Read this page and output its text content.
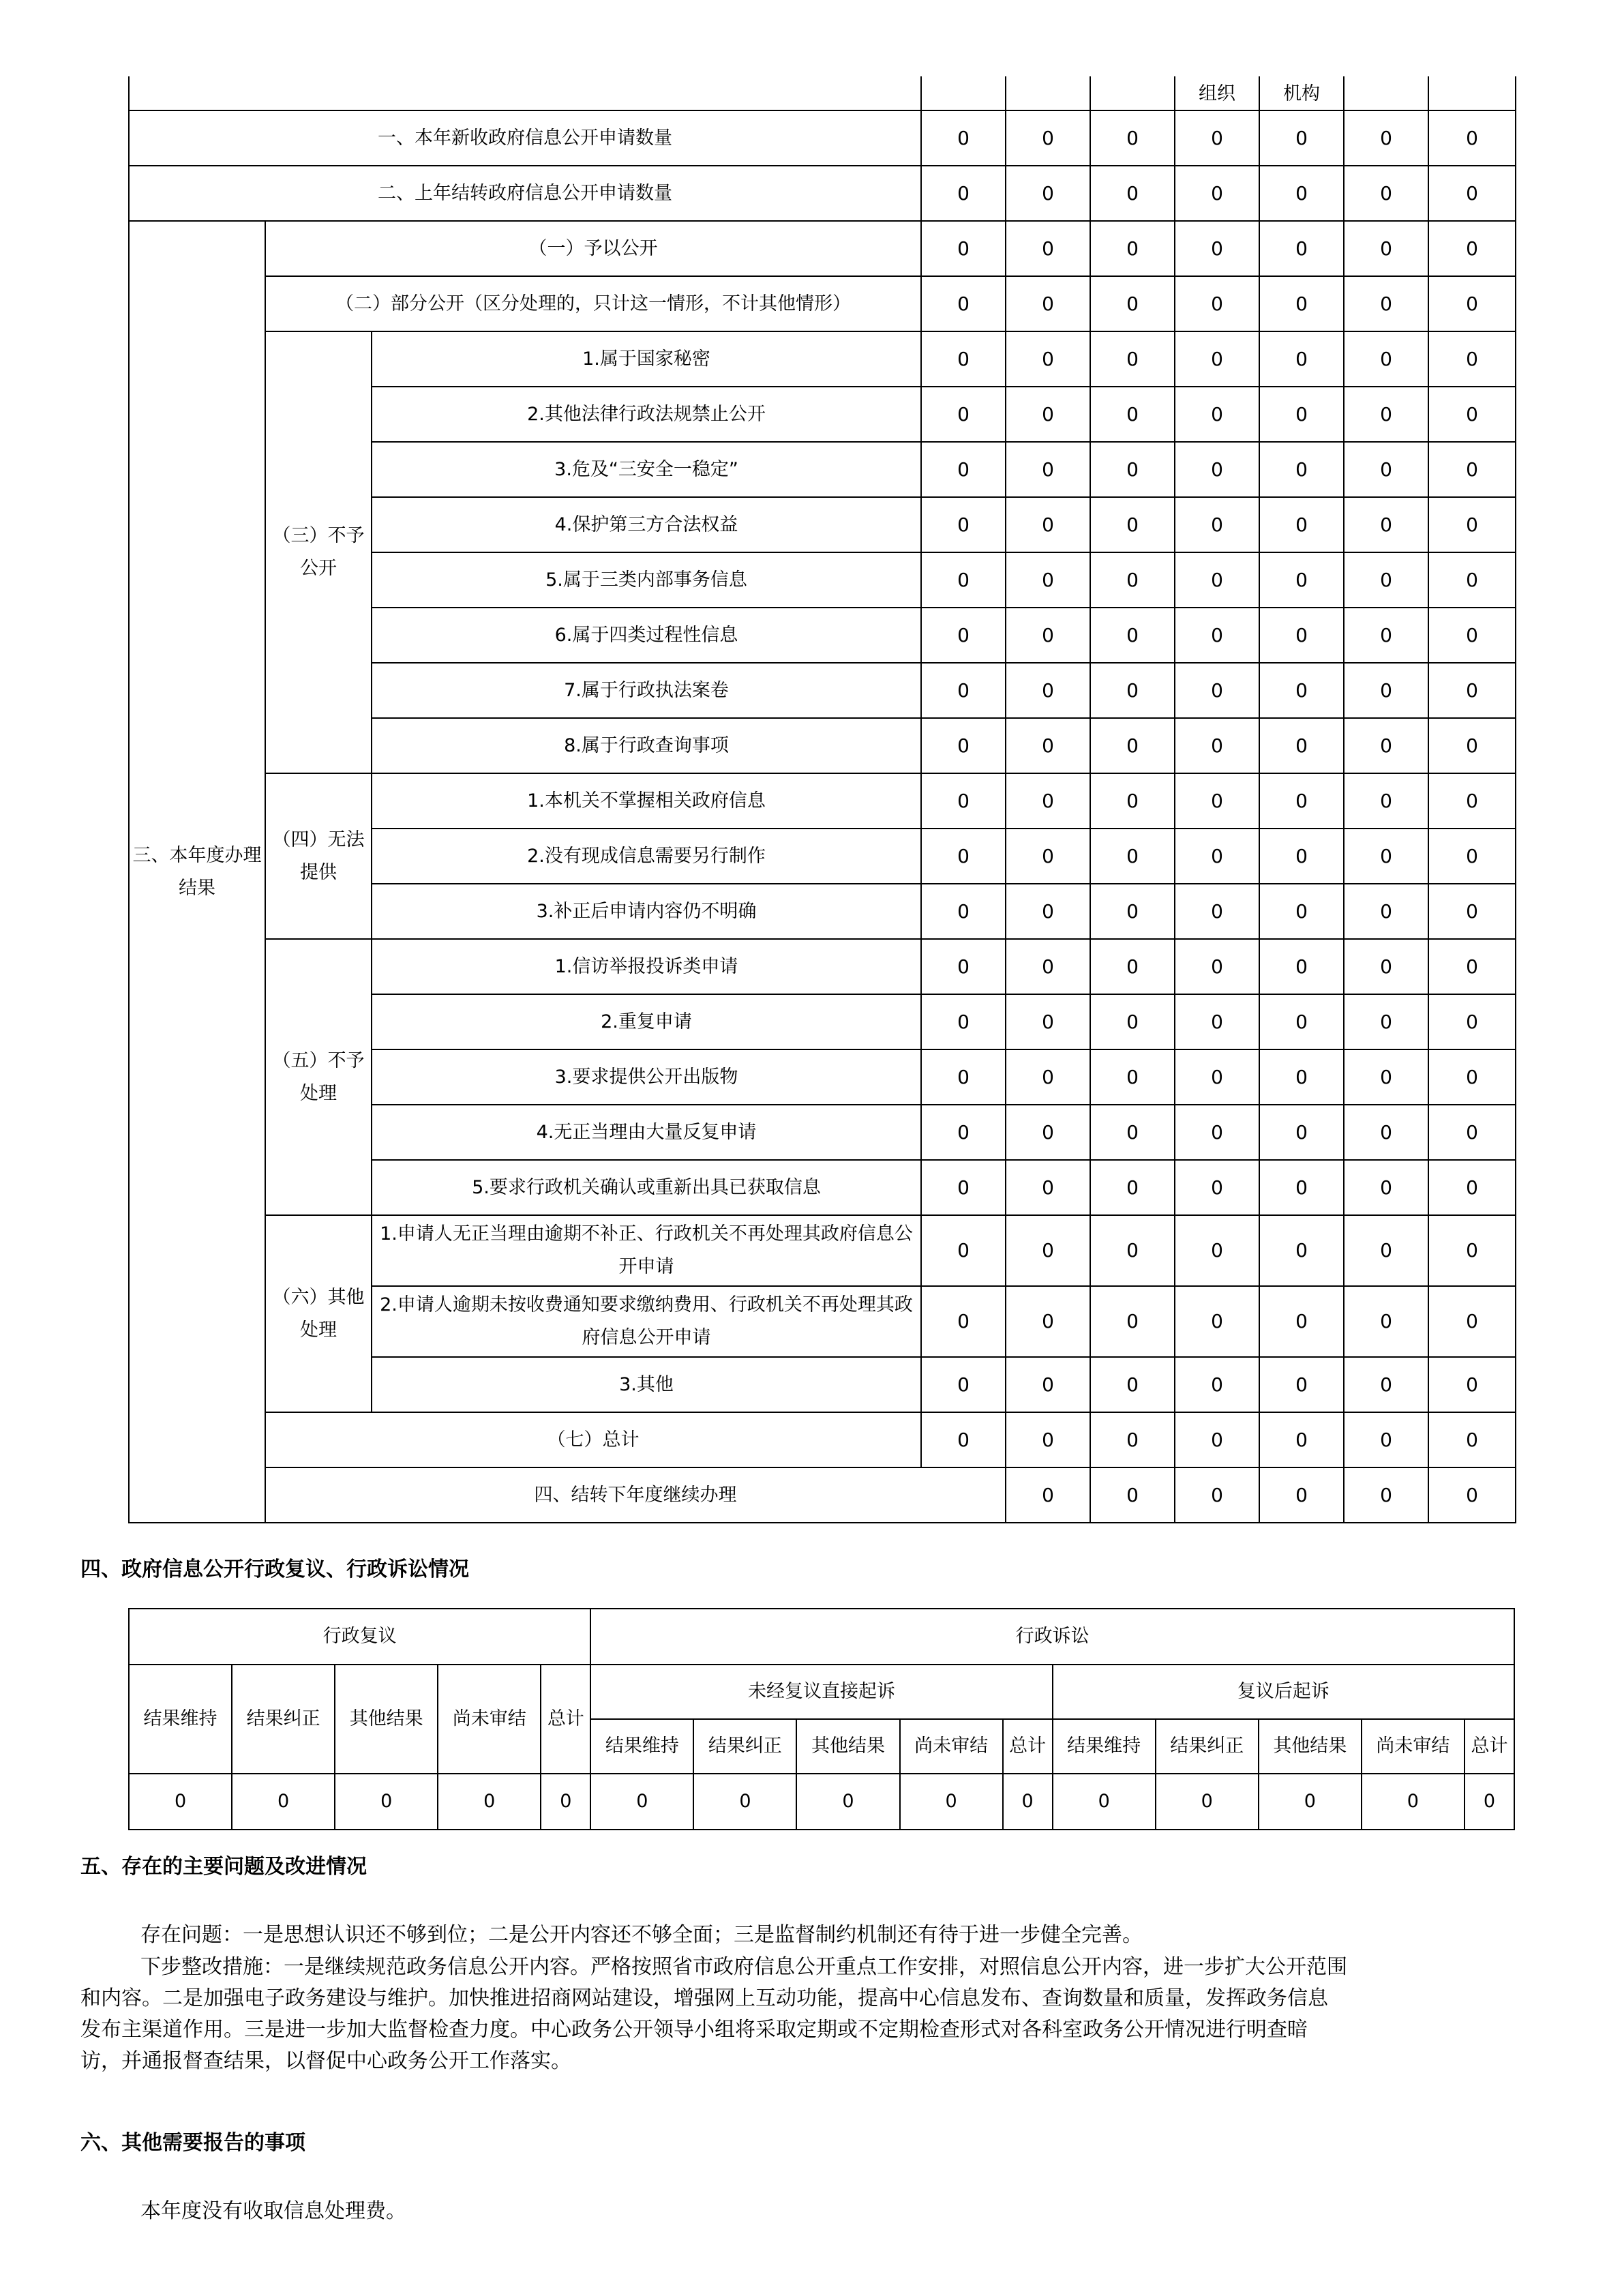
						组织	机构			
一、本年新收政府信息公开申请数量			0	0	0	0	0	0	0	
二、上年结转政府信息公开申请数量			0	0	0	0	0	0	0	
三、本年度办理结果	（一）予以公开		0	0	0	0	0	0	0	
	（二）部分公开（区分处理的，只计这一情形，不计其他情形）		0	0	0	0	0	0	0	
	（三）不予公开	1.属于国家秘密	0	0	0	0	0	0	0	
		2.其他法律行政法规禁止公开	0	0	0	0	0	0	0	
		3.危及“三安全一稳定”	0	0	0	0	0	0	0	
		4.保护第三方合法权益	0	0	0	0	0	0	0	
		5.属于三类内部事务信息	0	0	0	0	0	0	0	
		6.属于四类过程性信息	0	0	0	0	0	0	0	
		7.属于行政执法案卷	0	0	0	0	0	0	0	
		8.属于行政查询事项	0	0	0	0	0	0	0	
	（四）无法提供	1.本机关不掌握相关政府信息	0	0	0	0	0	0	0	
		2.没有现成信息需要另行制作	0	0	0	0	0	0	0	
		3.补正后申请内容仍不明确	0	0	0	0	0	0	0	
	（五）不予处理	1.信访举报投诉类申请	0	0	0	0	0	0	0	
		2.重复申请	0	0	0	0	0	0	0	
		3.要求提供公开出版物	0	0	0	0	0	0	0	
		4.无正当理由大量反复申请	0	0	0	0	0	0	0	
		5.要求行政机关确认或重新出具已获取信息	0	0	0	0	0	0	0	
	（六）其他处理	1.申请人无正当理由逾期不补正、行政机关不再处理其政府信息公开申请	0	0	0	0	0	0	0	
		2.申请人逾期未按收费通知要求缴纳费用、行政机关不再处理其政府信息公开申请	0	0	0	0	0	0	0	
		3.其他	0	0	0	0	0	0	0	
	（七）总计		0	0	0	0	0	0	0	
	四、结转下年度继续办理			0	0	0	0	0	0	
四、政府信息公开行政复议、行政诉讼情况
行政复议					行政诉讼									
结果维持	结果纠正	其他结果	尚未审结	总计	未经复议直接起诉					复议后起诉				
					结果维持	结果纠正	其他结果	尚未审结	总计	结果维持	结果纠正	其他结果	尚未审结	总计
0	0	0	0	0	0	0	0	0	0	0	0	0	0	0
五、存在的主要问题及改进情况

存在问题：一是思想认识还不够到位；二是公开内容还不够全面；三是监督制约机制还有待于进一步健全完善。

下步整改措施：一是继续规范政务信息公开内容。严格按照省市政府信息公开重点工作安排，对照信息公开内容，进一步扩大公开范围

和内容。二是加强电子政务建设与维护。加快推进招商网站建设，增强网上互动功能，提高中心信息发布、查询数量和质量，发挥政务信息

发布主渠道作用。三是进一步加大监督检查力度。中心政务公开领导小组将采取定期或不定期检查形式对各科室政务公开情况进行明查暗

访，并通报督查结果，以督促中心政务公开工作落实。

六、其他需要报告的事项

本年度没有收取信息处理费。
